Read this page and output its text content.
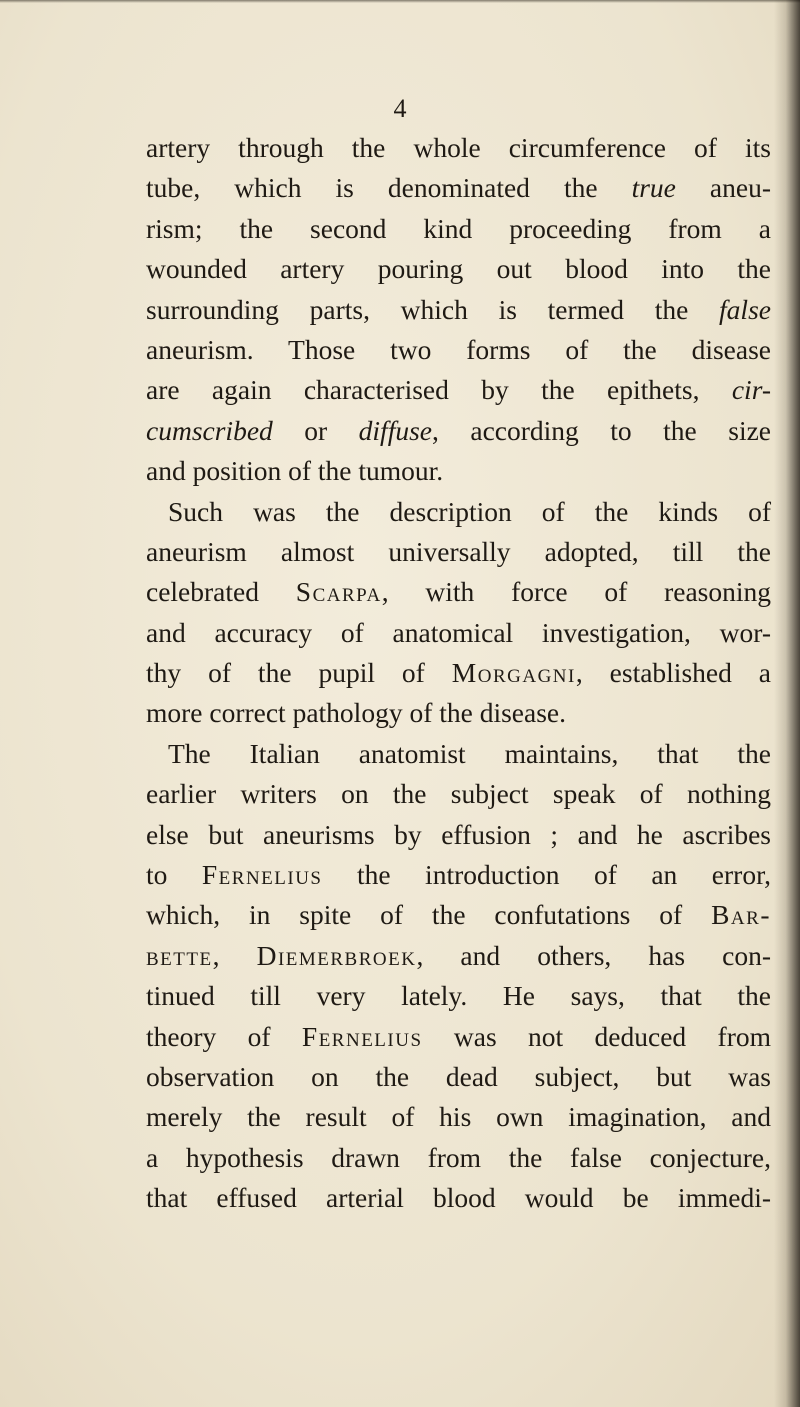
4
artery through the whole circumference of its
tube, which is denominated the true aneu-
rism; the second kind proceeding from a
wounded artery pouring out blood into the
surrounding parts, which is termed the false
aneurism. Those two forms of the disease
are again characterised by the epithets, cir-
cumscribed or diffuse, according to the size
and position of the tumour.
Such was the description of the kinds of
aneurism almost universally adopted, till the
celebrated Scarpa, with force of reasoning
and accuracy of anatomical investigation, wor-
thy of the pupil of Morgagni, established a
more correct pathology of the disease.
The Italian anatomist maintains, that the
earlier writers on the subject speak of nothing
else but aneurisms by effusion ; and he ascribes
to Fernelius the introduction of an error,
which, in spite of the confutations of Bar-
bette, Diemerbroek, and others, has con-
tinued till very lately. He says, that the
theory of Fernelius was not deduced from
observation on the dead subject, but was
merely the result of his own imagination, and
a hypothesis drawn from the false conjecture,
that effused arterial blood would be immedi-
